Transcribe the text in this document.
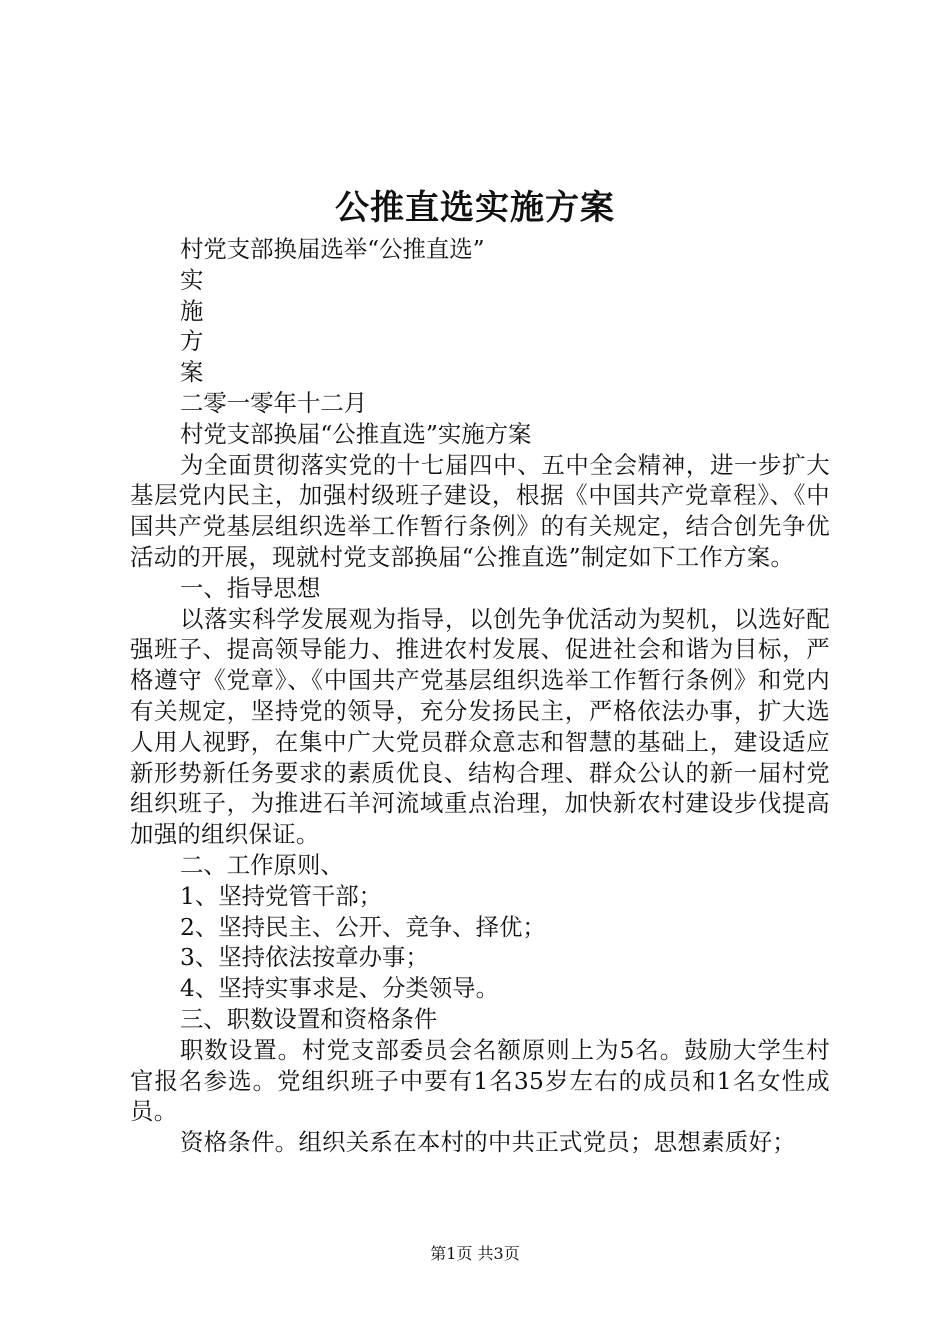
公推直选实施方案
村党支部换届选举“公推直选”
实
施
方
案
二零一零年十二月
村党支部换届“公推直选”实施方案
为全面贯彻落实党的十七届四中、五中全会精神，进一步扩大基层党内民主，加强村级班子建设，根据《中国共产党章程》、《中国共产党基层组织选举工作暂行条例》的有关规定，结合创先争优活动的开展，现就村党支部换届“公推直选”制定如下工作方案。
一、指导思想
以落实科学发展观为指导，以创先争优活动为契机，以选好配强班子、提高领导能力、推进农村发展、促进社会和谐为目标，严格遵守《党章》、《中国共产党基层组织选举工作暂行条例》和党内有关规定，坚持党的领导，充分发扬民主，严格依法办事，扩大选人用人视野，在集中广大党员群众意志和智慧的基础上，建设适应新形势新任务要求的素质优良、结构合理、群众公认的新一届村党组织班子，为推进石羊河流域重点治理，加快新农村建设步伐提高加强的组织保证。
二、工作原则、
1、坚持党管干部；
2、坚持民主、公开、竞争、择优；
3、坚持依法按章办事；
4、坚持实事求是、分类领导。
三、职数设置和资格条件
职数设置。村党支部委员会名额原则上为5名。鼓励大学生村官报名参选。党组织班子中要有1名35岁左右的成员和1名女性成员。
资格条件。组织关系在本村的中共正式党员；思想素质好；
第1页 共3页
